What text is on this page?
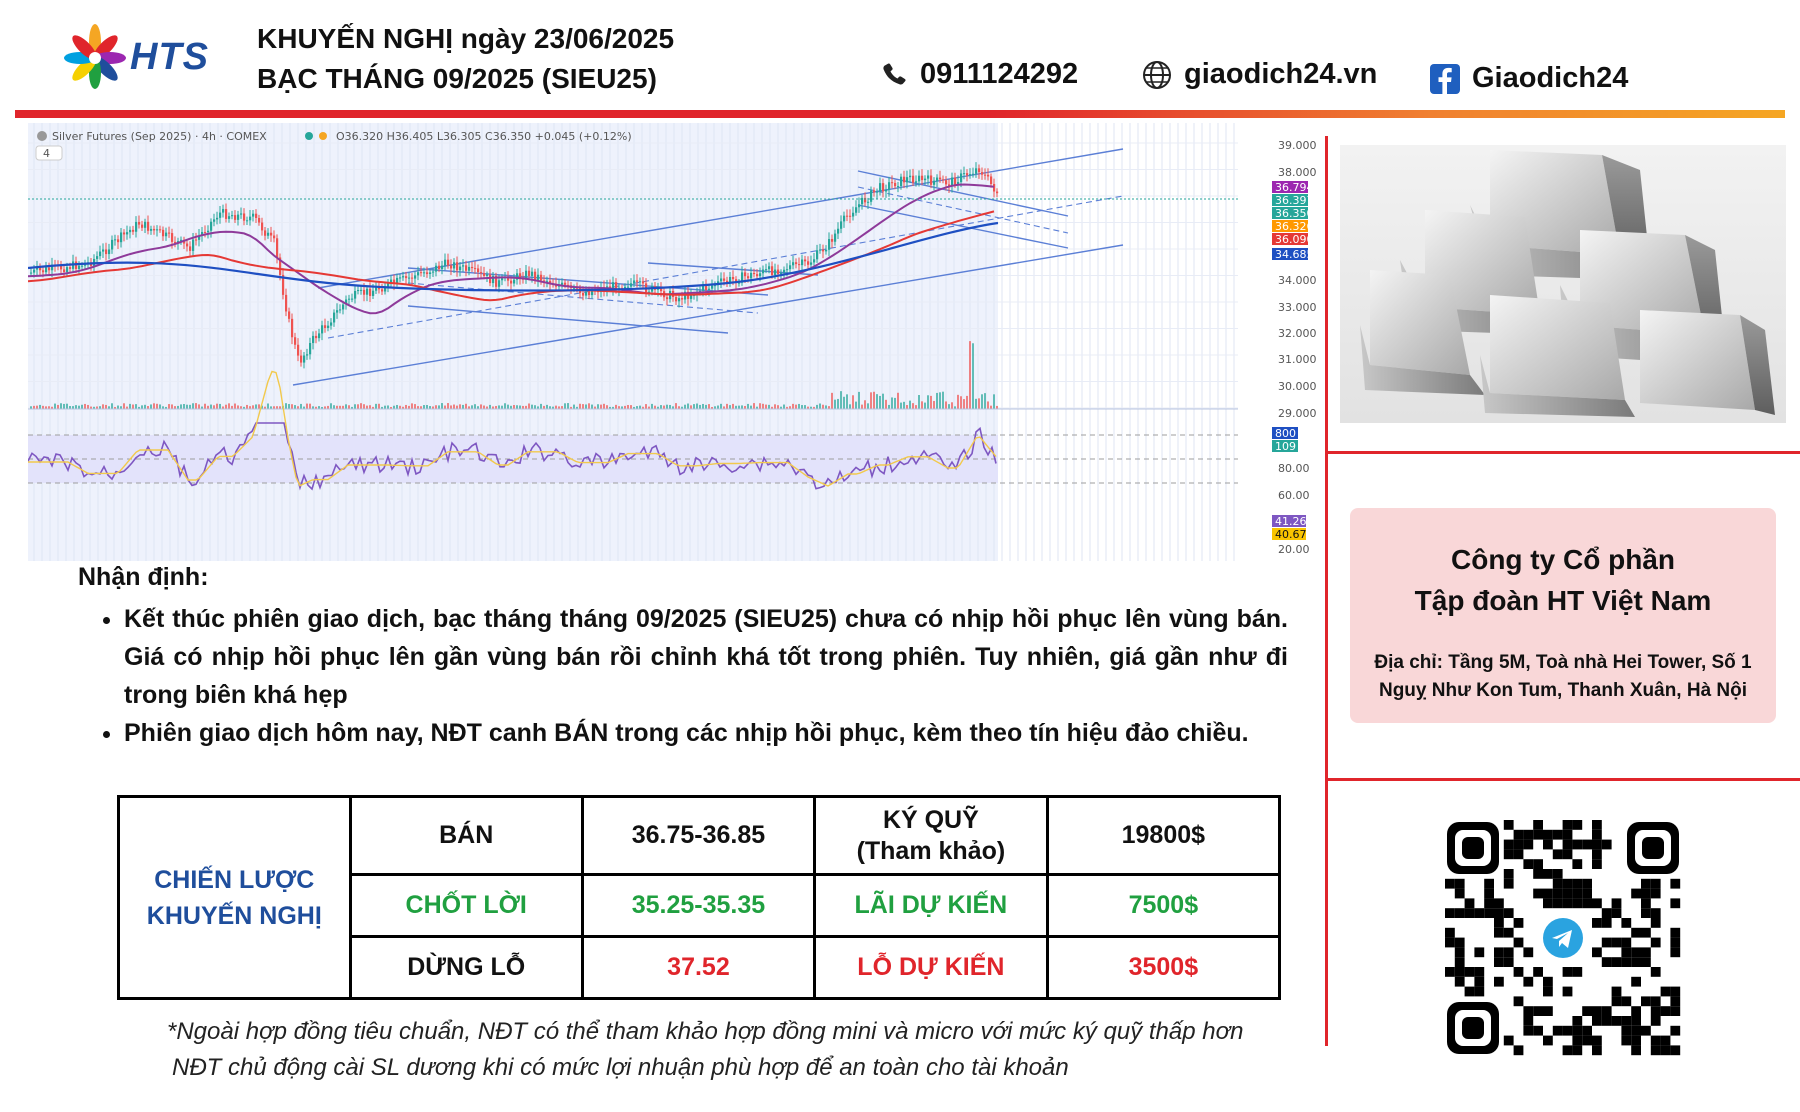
HTS KHUYẾN NGHỊ ngày 23/06/2025
BẠC THÁNG 09/2025 (SIEU25)	0911124292	giaodich24.vn	Giaodich24
Silver Futures (Sep 2025) · 4h · COMEX	O36.320 H36.405 L36.305 C36.350 +0.045 (+0.12%)
4
39.000
38.000
34.000
33.000
32.000
31.000
30.000
29.000
36.794
36.397
36.350
36.326
36.090
34.685
800
109
80.00
60.00
20.00
41.26
40.67
Công ty Cổ phần
Tập đoàn HT Việt Nam
Địa chỉ: Tầng 5M, Toà nhà Hei Tower, Số 1
Nguỵ Như Kon Tum, Thanh Xuân, Hà Nội
Nhận định:
• Kết thúc phiên giao dịch, bạc tháng tháng 09/2025 (SIEU25) chưa có nhịp hồi phục lên vùng bán. Giá có nhịp hồi phục lên gần vùng bán rồi chỉnh khá tốt trong phiên. Tuy nhiên, giá gần như đi trong biên khá hẹp
• Phiên giao dịch hôm nay, NĐT canh BÁN trong các nhịp hồi phục, kèm theo tín hiệu đảo chiều.
CHIẾN LƯỢC KHUYẾN NGHỊ	BÁN	36.75-36.85	KÝ QUỸ (Tham khảo)	19800$
	CHỐT LỜI	35.25-35.35	LÃI DỰ KIẾN	7500$
	DỪNG LỖ	37.52	LỖ DỰ KIẾN	3500$
*Ngoài hợp đồng tiêu chuẩn, NĐT có thể tham khảo hợp đồng mini và micro với mức ký quỹ thấp hơn
NĐT chủ động cài SL dương khi có mức lợi nhuận phù hợp để an toàn cho tài khoản
